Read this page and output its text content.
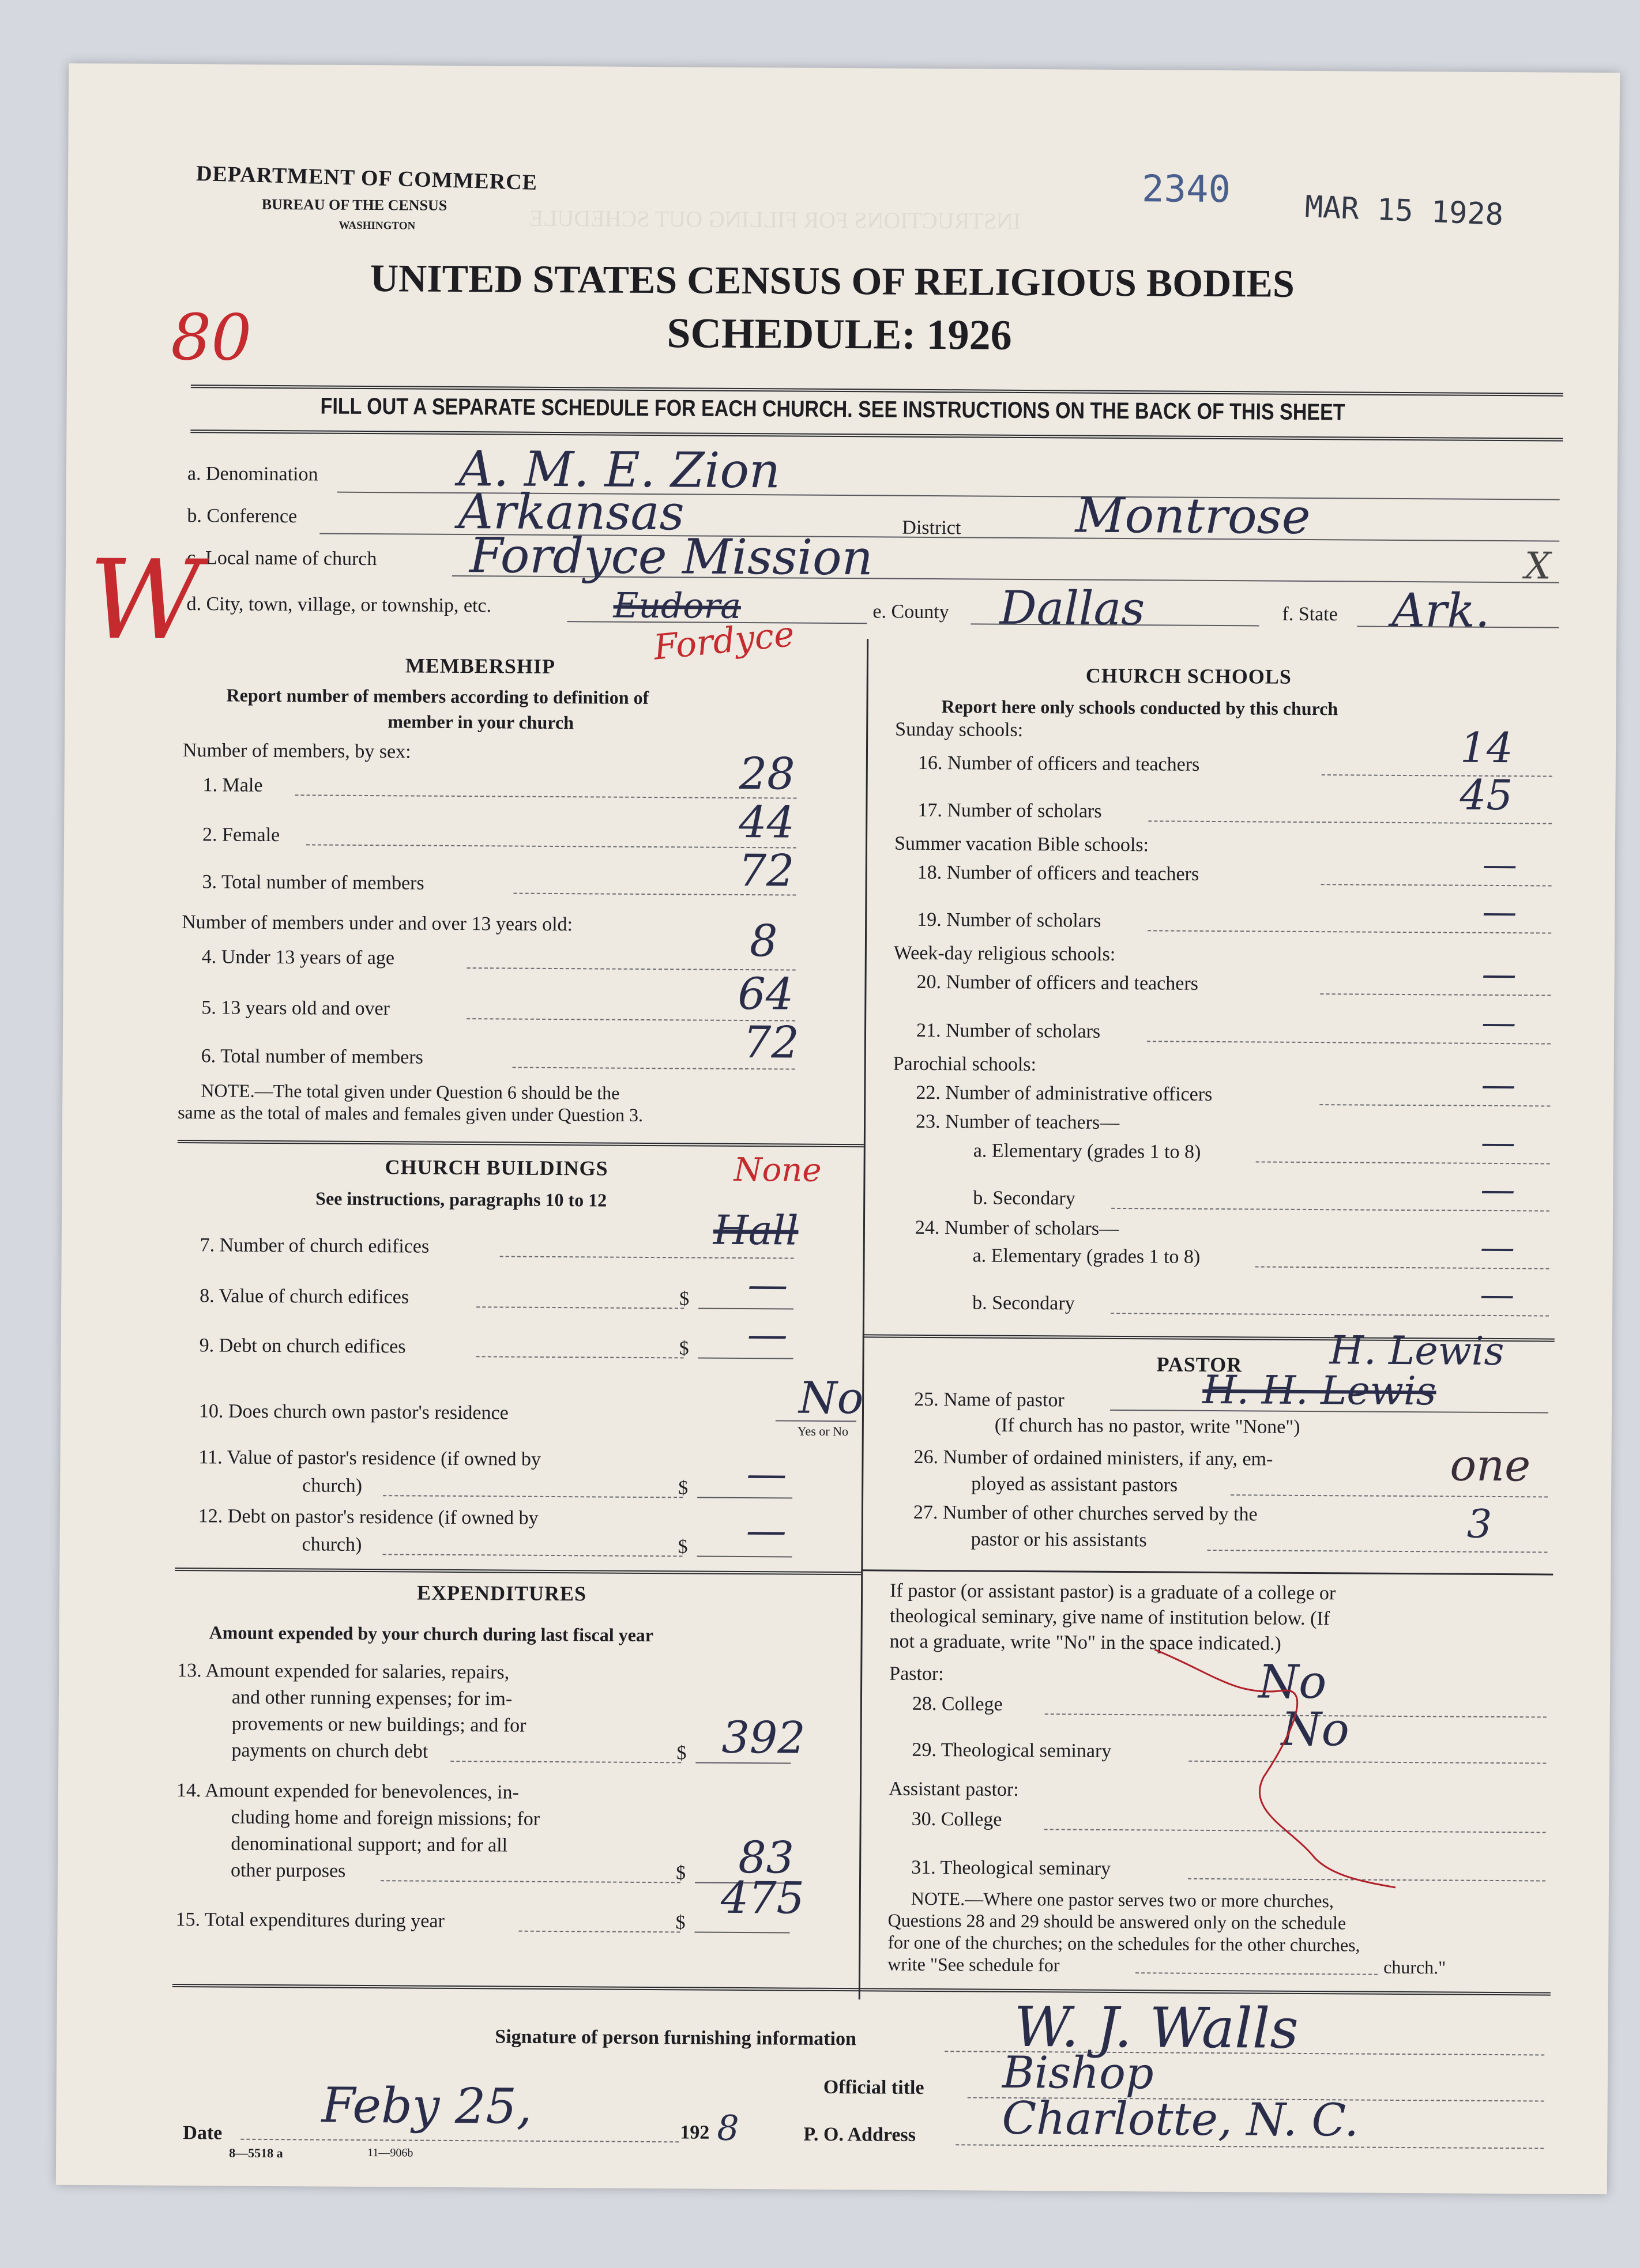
INSTRUCTIONS FOR FILLING OUT SCHEDULE
2340 MAR 15 1928
DEPARTMENT OF COMMERCE
BUREAU OF THE CENSUS
WASHINGTON
UNITED STATES CENSUS OF RELIGIOUS BODIES
SCHEDULE: 1926
80
FILL OUT A SEPARATE SCHEDULE FOR EACH CHURCH. SEE INSTRUCTIONS ON THE BACK OF THIS SHEET
a. Denomination	A. M. E. Zion
b. Conference	Arkansas	District Montrose
c. Local name of church Fordyce Mission	X
W
d. City, town, village, or township, etc.	Eudora
Fordyce
e. County Dallas	f. State Ark.
MEMBERSHIP
Report number of members according to definition of
member in your church
Number of members, by sex:
1. Male	28
2. Female	44
3. Total number of members	72
Number of members under and over 13 years old:
4. Under 13 years of age	8
5. 13 years old and over	64
6. Total number of members	72
NOTE.—The total given under Question 6 should be the
same as the total of males and females given under Question 3.
CHURCH BUILDINGS
See instructions, paragraphs 10 to 12
None
7. Number of church edifices	Hall
8. Value of church edifices	$ —
9. Debt on church edifices	$ —
10. Does church own pastor's residence	No
Yes or No
11. Value of pastor's residence (if owned by
church)	$ —
12. Debt on pastor's residence (if owned by
church)	$ —
EXPENDITURES
Amount expended by your church during last fiscal year
13. Amount expended for salaries, repairs,
and other running expenses; for im-
provements or new buildings; and for
payments on church debt	$ 392
14. Amount expended for benevolences, in-
cluding home and foreign missions; for
denominational support; and for all
other purposes	$ 83
15. Total expenditures during year	$ 475
CHURCH SCHOOLS
Report here only schools conducted by this church
Sunday schools:
16. Number of officers and teachers	14
17. Number of scholars	45
Summer vacation Bible schools:
18. Number of officers and teachers	—
19. Number of scholars	—
Week-day religious schools:
20. Number of officers and teachers	—
21. Number of scholars	—
Parochial schools:
22. Number of administrative officers	—
23. Number of teachers—
a. Elementary (grades 1 to 8)	—
b. Secondary	—
24. Number of scholars—
a. Elementary (grades 1 to 8)	—
b. Secondary	—
PASTOR H. Lewis
25. Name of pastor	H. H. Lewis
(If church has no pastor, write "None")
26. Number of ordained ministers, if any, em-
ployed as assistant pastors	one
27. Number of other churches served by the
pastor or his assistants	3
If pastor (or assistant pastor) is a graduate of a college or
theological seminary, give name of institution below. (If
not a graduate, write "No" in the space indicated.)
Pastor:
28. College	No
29. Theological seminary	No
Assistant pastor:
30. College
31. Theological seminary
NOTE.—Where one pastor serves two or more churches,
Questions 28 and 29 should be answered only on the schedule
for one of the churches; on the schedules for the other churches,
write "See schedule for	church."
Signature of person furnishing information	W. J. Walls
Official title Bishop
Date Feby 25,	192 8
8—5518 a	11—906b
P. O. Address Charlotte, N. C.
